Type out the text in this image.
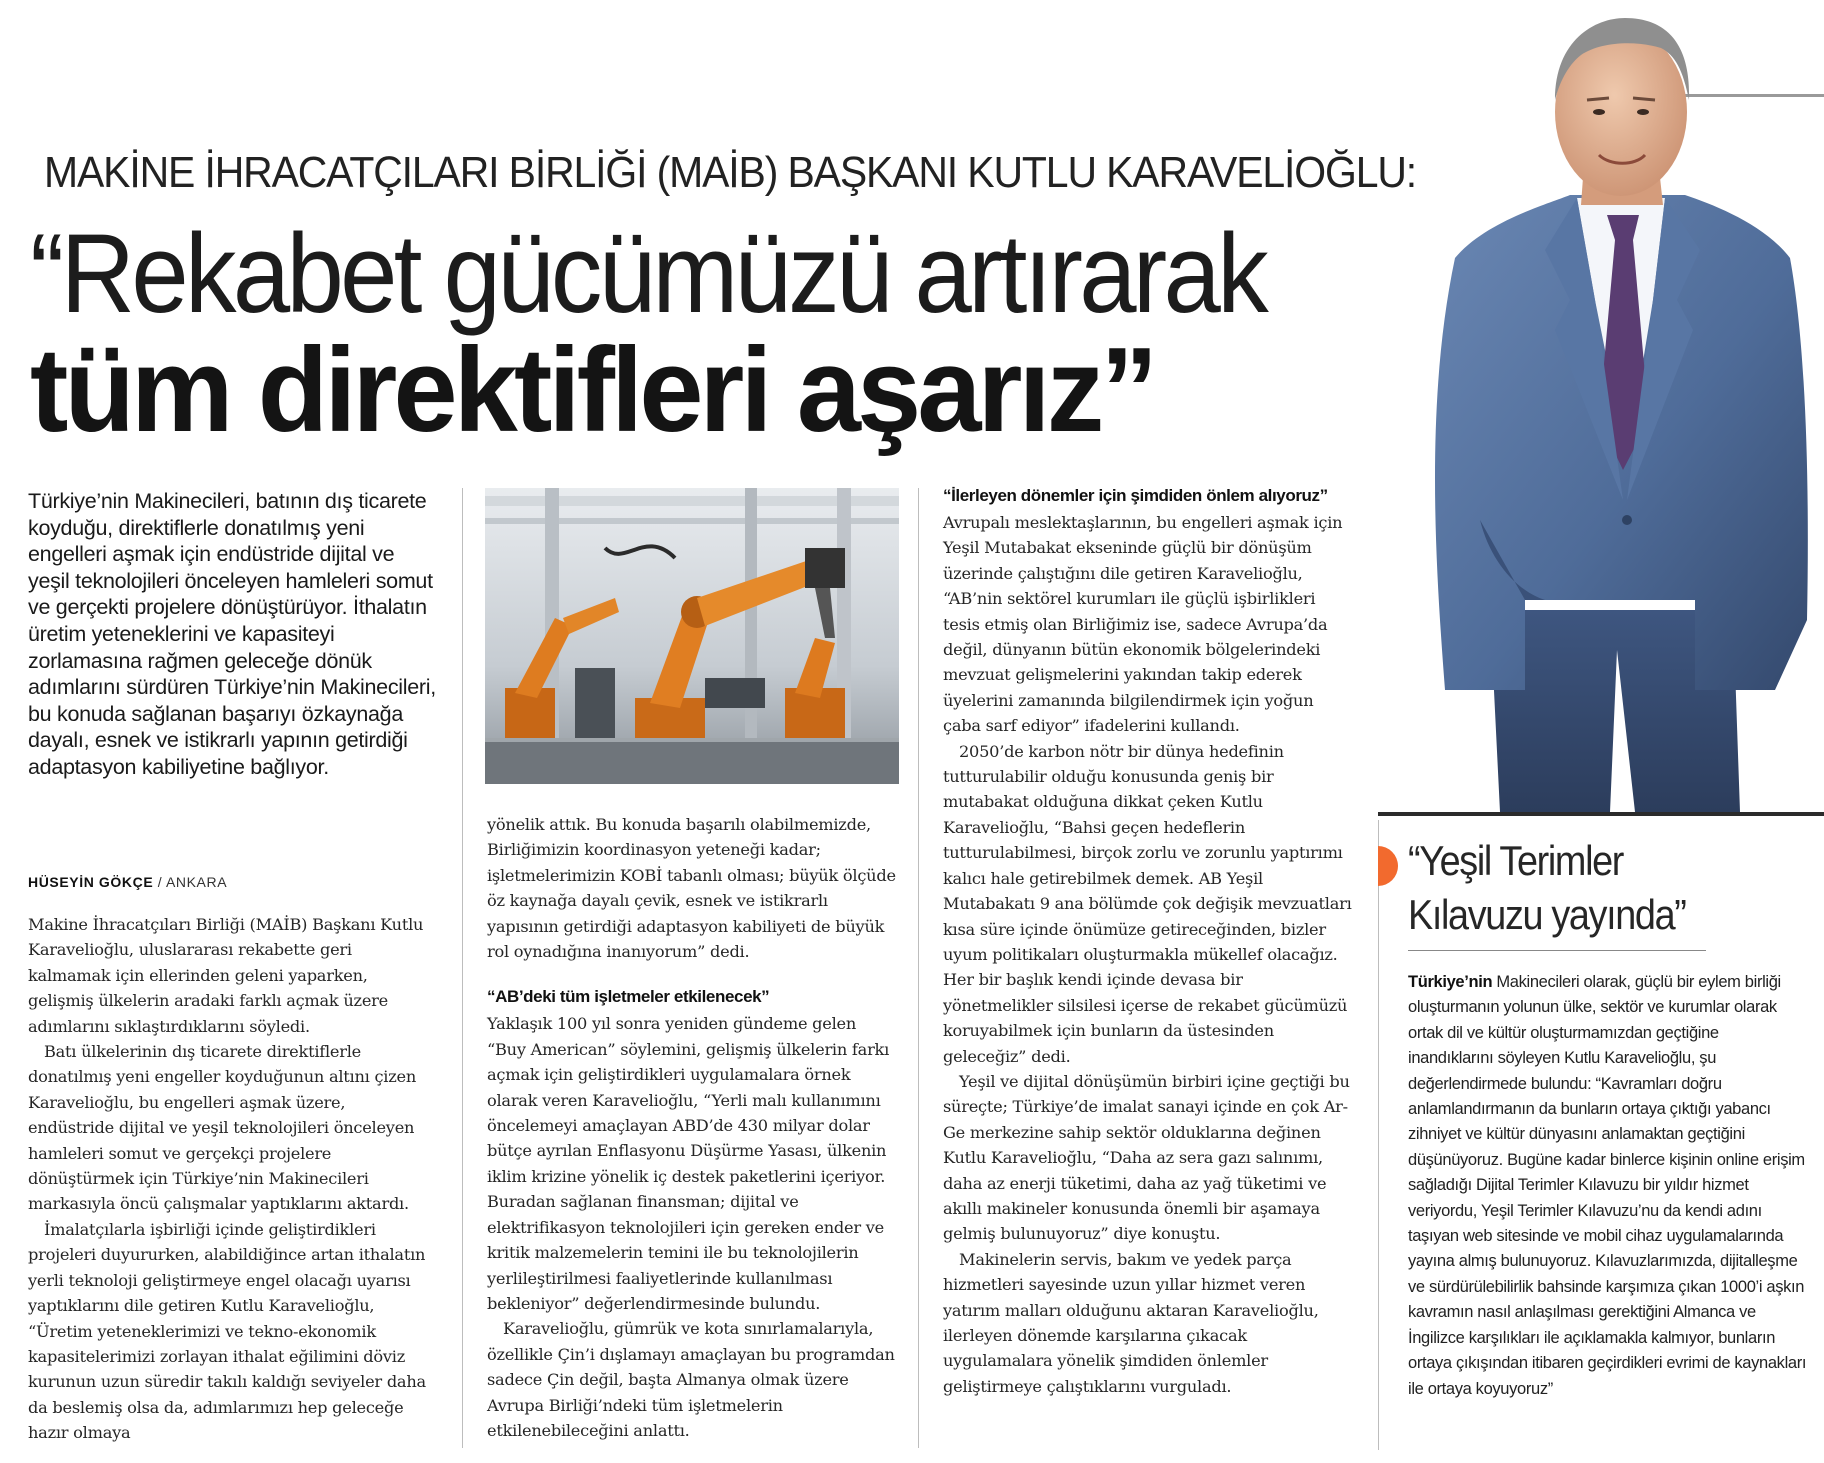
MAKİNE İHRACATÇILARI BİRLİĞİ (MAİB) BAŞKANI KUTLU KARAVELİOĞLU:
“Rekabet gücümüzü artırarak
tüm direktifleri aşarız”

Türkiye’nin Makinecileri, batının dış ticarete koyduğu, direktiflerle donatılmış yeni engelleri aşmak için endüstride dijital ve yeşil teknolojileri önceleyen hamleleri somut ve gerçekti projelere dönüştürüyor. İthalatın üretim yeteneklerini ve kapasiteyi zorlamasına rağmen geleceğe dönük adımlarını sürdüren Türkiye’nin Makinecileri, bu konuda sağlanan başarıyı özkaynağa dayalı, esnek ve istikrarlı yapının getirdiği adaptasyon kabiliyetine bağlıyor.

HÜSEYİN GÖKÇE / ANKARA

Makine İhracatçıları Birliği (MAİB) Başkanı Kutlu Karavelioğlu, uluslararası rekabette geri kalmamak için ellerinden geleni yaparken, gelişmiş ülkelerin aradaki farklı açmak üzere adımlarını sıklaştırdıklarını söyledi.

Batı ülkelerinin dış ticarete direktiflerle donatılmış yeni engeller koyduğunun altını çizen Karavelioğlu, bu engelleri aşmak üzere, endüstride dijital ve yeşil teknolojileri önceleyen hamleleri somut ve gerçekçi projelere dönüştürmek için Türkiye’nin Makinecileri markasıyla öncü çalışmalar yaptıklarını aktardı.

İmalatçılarla işbirliği içinde geliştirdikleri projeleri duyururken, alabildiğince artan ithalatın yerli teknoloji geliştirmeye engel olacağı uyarısı yaptıklarını dile getiren Kutlu Karavelioğlu, “Üretim yeteneklerimizi ve tekno-ekonomik kapasitelerimizi zorlayan ithalat eğilimini döviz kurunun uzun süredir takılı kaldığı seviyeler daha da beslemiş olsa da, adımlarımızı hep geleceğe hazır olmaya

yönelik attık. Bu konuda başarılı olabilmemizde, Birliğimizin koordinasyon yeteneği kadar; işletmelerimizin KOBİ tabanlı olması; büyük ölçüde öz kaynağa dayalı çevik, esnek ve istikrarlı yapısının getirdiği adaptasyon kabiliyeti de büyük rol oynadığına inanıyorum” dedi.

“AB’deki tüm işletmeler etkilenecek”

Yaklaşık 100 yıl sonra yeniden gündeme gelen “Buy American” söylemini, gelişmiş ülkelerin farkı açmak için geliştirdikleri uygulamalara örnek olarak veren Karavelioğlu, “Yerli malı kullanımını öncelemeyi amaçlayan ABD’de 430 milyar dolar bütçe ayrılan Enflasyonu Düşürme Yasası, ülkenin iklim krizine yönelik iç destek paketlerini içeriyor. Buradan sağlanan finansman; dijital ve elektrifikasyon teknolojileri için gereken ender ve kritik malzemelerin temini ile bu teknolojilerin yerlileştirilmesi faaliyetlerinde kullanılması bekleniyor” değerlendirmesinde bulundu.

Karavelioğlu, gümrük ve kota sınırlamalarıyla, özellikle Çin’i dışlamayı amaçlayan bu programdan sadece Çin değil, başta Almanya olmak üzere Avrupa Birliği’ndeki tüm işletmelerin etkilenebileceğini anlattı.

“İlerleyen dönemler için şimdiden önlem alıyoruz”

Avrupalı meslektaşlarının, bu engelleri aşmak için Yeşil Mutabakat ekseninde güçlü bir dönüşüm üzerinde çalıştığını dile getiren Karavelioğlu, “AB’nin sektörel kurumları ile güçlü işbirlikleri tesis etmiş olan Birliğimiz ise, sadece Avrupa’da değil, dünyanın bütün ekonomik bölgelerindeki mevzuat gelişmelerini yakından takip ederek üyelerini zamanında bilgilendirmek için yoğun çaba sarf ediyor” ifadelerini kullandı.

2050’de karbon nötr bir dünya hedefinin tutturulabilir olduğu konusunda geniş bir mutabakat olduğuna dikkat çeken Kutlu Karavelioğlu, “Bahsi geçen hedeflerin tutturulabilmesi, birçok zorlu ve zorunlu yaptırımı kalıcı hale getirebilmek demek. AB Yeşil Mutabakatı 9 ana bölümde çok değişik mevzuatları kısa süre içinde önümüze getireceğinden, bizler uyum politikaları oluşturmakla mükellef olacağız. Her bir başlık kendi içinde devasa bir yönetmelikler silsilesi içerse de rekabet gücümüzü koruyabilmek için bunların da üstesinden geleceğiz” dedi.

Yeşil ve dijital dönüşümün birbiri içine geçtiği bu süreçte; Türkiye’de imalat sanayi içinde en çok Ar-Ge merkezine sahip sektör olduklarına değinen Kutlu Karavelioğlu, “Daha az sera gazı salınımı, daha az enerji tüketimi, daha az yağ tüketimi ve akıllı makineler konusunda önemli bir aşamaya gelmiş bulunuyoruz” diye konuştu.

Makinelerin servis, bakım ve yedek parça hizmetleri sayesinde uzun yıllar hizmet veren yatırım malları olduğunu aktaran Karavelioğlu, ilerleyen dönemde karşılarına çıkacak uygulamalara yönelik şimdiden önlemler geliştirmeye çalıştıklarını vurguladı.

“Yeşil Terimler
Kılavuzu yayında”
Türkiye’nin Makinecileri olarak, güçlü bir eylem birliği oluşturmanın yolunun ülke, sektör ve kurumlar olarak ortak dil ve kültür oluşturmamızdan geçtiğine inandıklarını söyleyen Kutlu Karavelioğlu, şu değerlendirmede bulundu: “Kavramları doğru anlamlandırmanın da bunların ortaya çıktığı yabancı zihniyet ve kültür dünyasını anlamaktan geçtiğini düşünüyoruz. Bugüne kadar binlerce kişinin online erişim sağladığı Dijital Terimler Kılavuzu bir yıldır hizmet veriyordu, Yeşil Terimler Kılavuzu’nu da kendi adını taşıyan web sitesinde ve mobil cihaz uygulamalarında yayına almış bulunuyoruz. Kılavuzlarımızda, dijitalleşme ve sürdürülebilirlik bahsinde karşımıza çıkan 1000’i aşkın kavramın nasıl anlaşılması gerektiğini Almanca ve İngilizce karşılıkları ile açıklamakla kalmıyor, bunların ortaya çıkışından itibaren geçirdikleri evrimi de kaynakları ile ortaya koyuyoruz”
